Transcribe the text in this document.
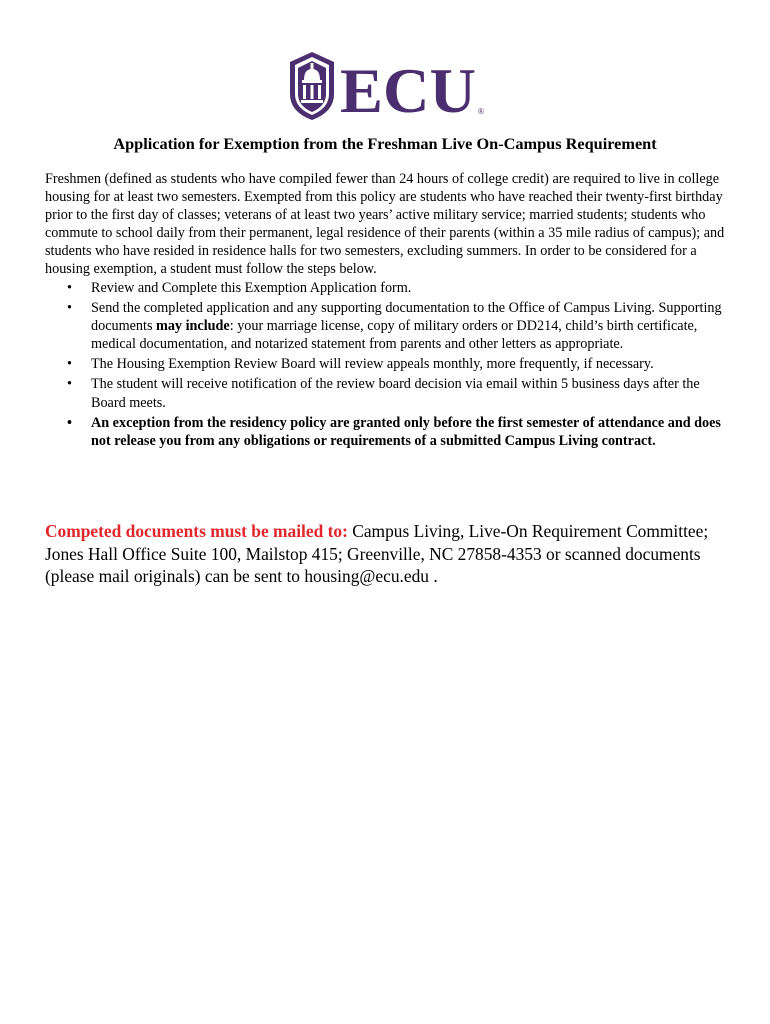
ECU ®
Application for Exemption from the Freshman Live On-Campus Requirement

Freshmen (defined as students who have compiled fewer than 24 hours of college credit) are required to live in college housing for at least two semesters. Exempted from this policy are students who have reached their twenty-first birthday prior to the first day of classes; veterans of at least two years’ active military service; married students; students who commute to school daily from their permanent, legal residence of their parents (within a 35 mile radius of campus); and students who have resided in residence halls for two semesters, excluding summers. In order to be considered for a housing exemption, a student must follow the steps below.

• Review and Complete this Exemption Application form.
• Send the completed application and any supporting documentation to the Office of Campus Living. Supporting documents may include: your marriage license, copy of military orders or DD214, child’s birth certificate, medical documentation, and notarized statement from parents and other letters as appropriate.
• The Housing Exemption Review Board will review appeals monthly, more frequently, if necessary.
• The student will receive notification of the review board decision via email within 5 business days after the Board meets.
• An exception from the residency policy are granted only before the first semester of attendance and does not release you from any obligations or requirements of a submitted Campus Living contract.

Competed documents must be mailed to: Campus Living, Live-On Requirement Committee; Jones Hall Office Suite 100, Mailstop 415; Greenville, NC 27858-4353 or scanned documents (please mail originals) can be sent to housing@ecu.edu .
